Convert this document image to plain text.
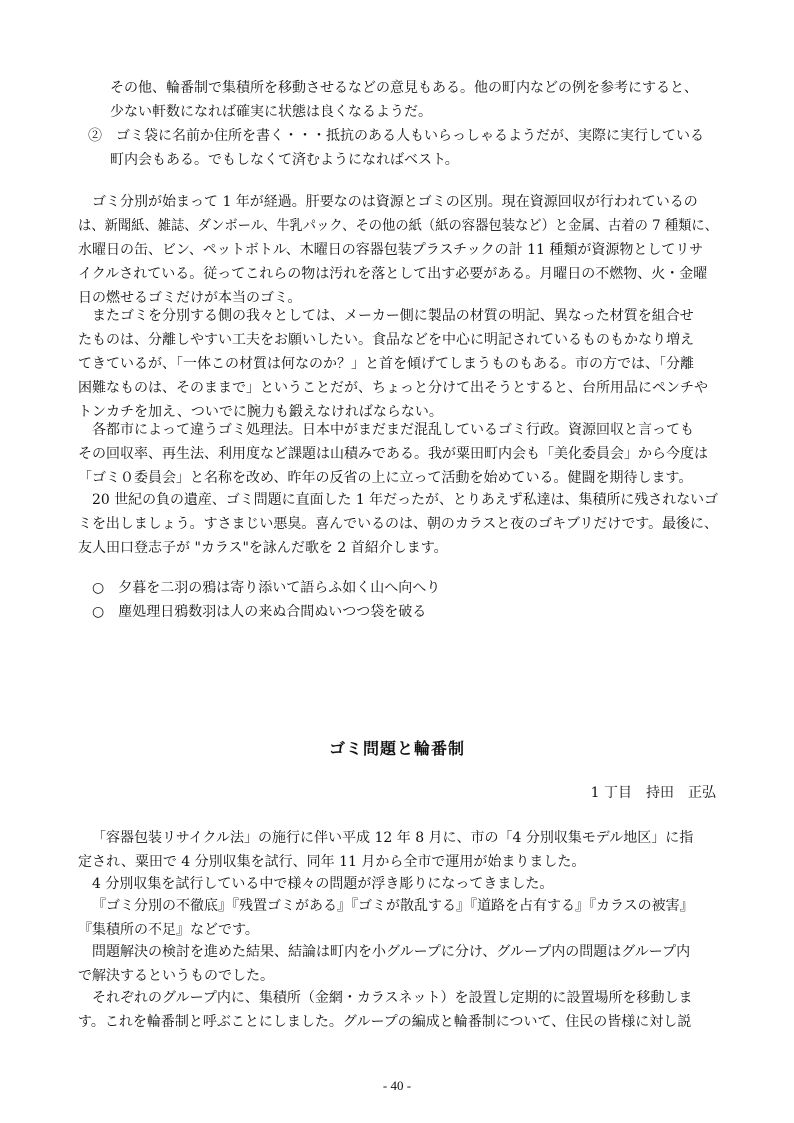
その他、輪番制で集積所を移動させるなどの意見もある。他の町内などの例を参考にすると、
少ない軒数になれば確実に状態は良くなるようだ。
②　ゴミ袋に名前か住所を書く・・・抵抗のある人もいらっしゃるようだが、実際に実行している
町内会もある。でもしなくて済むようになればベスト。
ゴミ分別が始まって 1 年が経過。肝要なのは資源とゴミの区別。現在資源回収が行われているの
は、新聞紙、雑誌、ダンボール、牛乳パック、その他の紙（紙の容器包装など）と金属、古着の 7 種類に、
水曜日の缶、ビン、ペットボトル、木曜日の容器包装プラスチックの計 11 種類が資源物としてリサ
イクルされている。従ってこれらの物は汚れを落として出す必要がある。月曜日の不燃物、火・金曜
日の燃せるゴミだけが本当のゴミ。
またゴミを分別する側の我々としては、メーカー側に製品の材質の明記、異なった材質を組合せ
たものは、分離しやすい工夫をお願いしたい。食品などを中心に明記されているものもかなり増え
てきているが、「一体この材質は何なのか？」と首を傾げてしまうものもある。市の方では、「分離
困難なものは、そのままで」ということだが、ちょっと分けて出そうとすると、台所用品にペンチや
トンカチを加え、ついでに腕力も鍛えなければならない。
各都市によって違うゴミ処理法。日本中がまだまだ混乱しているゴミ行政。資源回収と言っても
その回収率、再生法、利用度など課題は山積みである。我が粟田町内会も「美化委員会」から今度は
「ゴミ０委員会」と名称を改め、昨年の反省の上に立って活動を始めている。健闘を期待します。
20 世紀の負の遺産、ゴミ問題に直面した 1 年だったが、とりあえず私達は、集積所に残されないゴ
ミを出しましょう。すさまじい悪臭。喜んでいるのは、朝のカラスと夜のゴキブリだけです。最後に、
友人田口登志子が "カラス"を詠んだ歌を 2 首紹介します。
○　夕暮を二羽の鴉は寄り添いて語らふ如く山へ向へり
○　塵処理日鴉数羽は人の来ぬ合間ぬいつつ袋を破る
ゴミ問題と輪番制
1 丁目　持田　正弘
「容器包装リサイクル法」の施行に伴い平成 12 年 8 月に、市の「4 分別収集モデル地区」に指
定され、粟田で 4 分別収集を試行、同年 11 月から全市で運用が始まりました。
4 分別収集を試行している中で様々の問題が浮き彫りになってきました。
『ゴミ分別の不徹底』『残置ゴミがある』『ゴミが散乱する』『道路を占有する』『カラスの被害』
『集積所の不足』などです。
問題解決の検討を進めた結果、結論は町内を小グループに分け、グループ内の問題はグループ内
で解決するというものでした。
それぞれのグループ内に、集積所（金網・カラスネット）を設置し定期的に設置場所を移動しま
す。これを輪番制と呼ぶことにしました。グループの編成と輪番制について、住民の皆様に対し説
- 40 -
